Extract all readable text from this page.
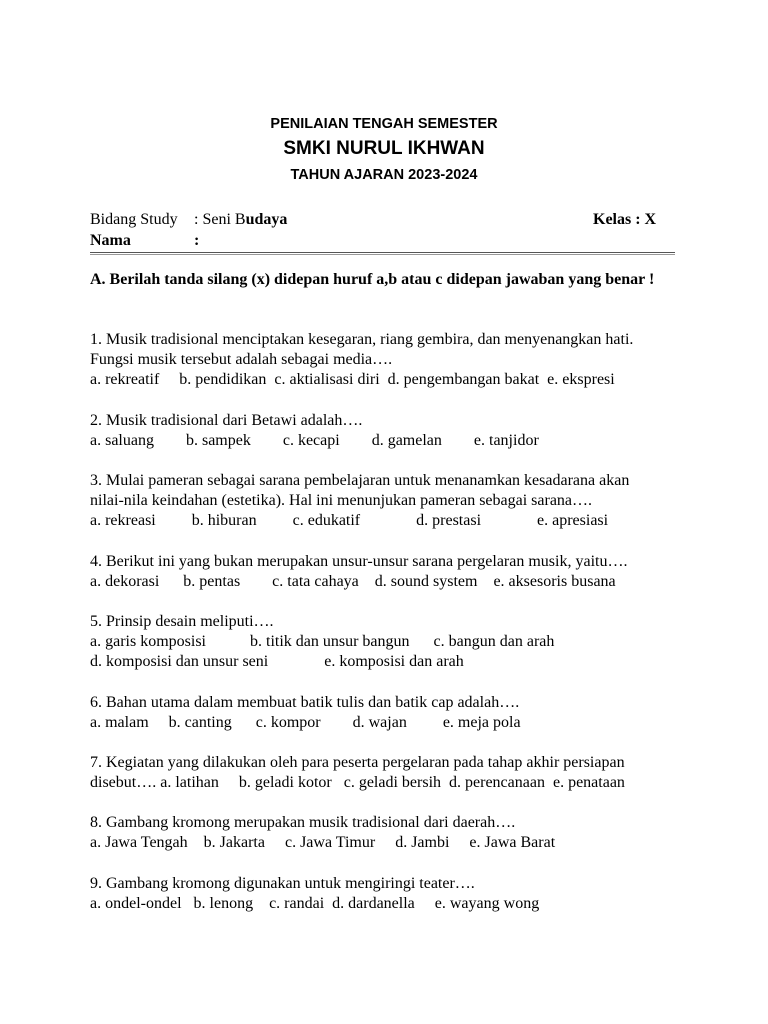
PENILAIAN TENGAH SEMESTER
SMKI NURUL IKHWAN
TAHUN AJARAN 2023-2024
Bidang Study : Seni Budaya	Kelas : X
Nama	:
A. Berilah tanda silang (x) didepan huruf a,b atau c didepan jawaban yang benar !
1. Musik tradisional menciptakan kesegaran, riang gembira, dan menyenangkan hati.
Fungsi musik tersebut adalah sebagai media….
a. rekreatif     b. pendidikan  c. aktialisasi diri  d. pengembangan bakat  e. ekspresi
2. Musik tradisional dari Betawi adalah….
a. saluang        b. sampek        c. kecapi        d. gamelan        e. tanjidor
3. Mulai pameran sebagai sarana pembelajaran untuk menanamkan kesadarana akan
nilai-nila keindahan (estetika). Hal ini menunjukan pameran sebagai sarana….
a. rekreasi         b. hiburan         c. edukatif              d. prestasi              e. apresiasi
4. Berikut ini yang bukan merupakan unsur-unsur sarana pergelaran musik, yaitu….
a. dekorasi      b. pentas        c. tata cahaya    d. sound system    e. aksesoris busana
5. Prinsip desain meliputi….
a. garis komposisi           b. titik dan unsur bangun      c. bangun dan arah
d. komposisi dan unsur seni              e. komposisi dan arah
6. Bahan utama dalam membuat batik tulis dan batik cap adalah….
a. malam     b. canting      c. kompor        d. wajan         e. meja pola
7. Kegiatan yang dilakukan oleh para peserta pergelaran pada tahap akhir persiapan
disebut…. a. latihan     b. geladi kotor   c. geladi bersih  d. perencanaan  e. penataan
8. Gambang kromong merupakan musik tradisional dari daerah….
a. Jawa Tengah    b. Jakarta     c. Jawa Timur     d. Jambi     e. Jawa Barat
9. Gambang kromong digunakan untuk mengiringi teater….
a. ondel-ondel   b. lenong    c. randai  d. dardanella     e. wayang wong
